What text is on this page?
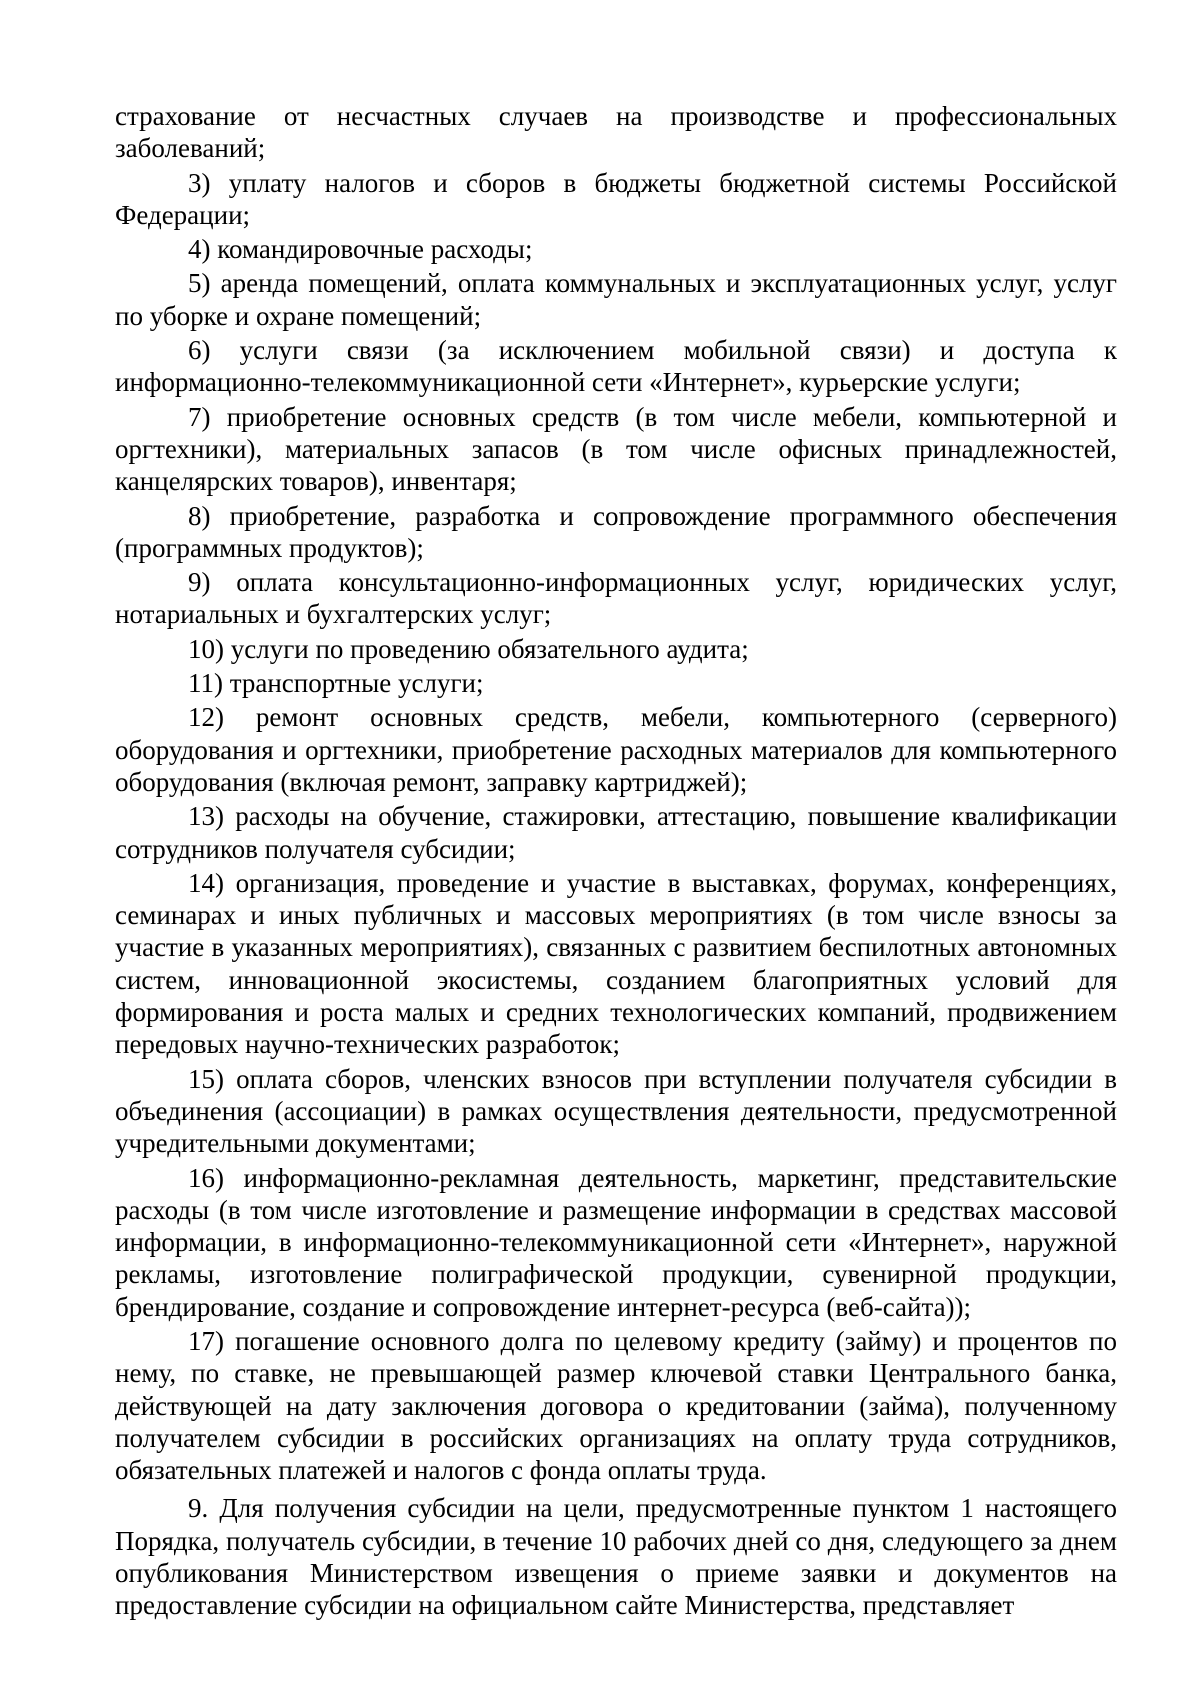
страхование от несчастных случаев на производстве и профессиональных заболеваний;

3) уплату налогов и сборов в бюджеты бюджетной системы Российской Федерации;

4) командировочные расходы;

5) аренда помещений, оплата коммунальных и эксплуатационных услуг, услуг по уборке и охране помещений;

6) услуги связи (за исключением мобильной связи) и доступа к информационно-телекоммуникационной сети «Интернет», курьерские услуги;

7) приобретение основных средств (в том числе мебели, компьютерной и оргтехники), материальных запасов (в том числе офисных принадлежностей, канцелярских товаров), инвентаря;

8) приобретение, разработка и сопровождение программного обеспечения (программных продуктов);

9) оплата консультационно-информационных услуг, юридических услуг, нотариальных и бухгалтерских услуг;

10) услуги по проведению обязательного аудита;

11) транспортные услуги;

12) ремонт основных средств, мебели, компьютерного (серверного) оборудования и оргтехники, приобретение расходных материалов для компьютерного оборудования (включая ремонт, заправку картриджей);

13) расходы на обучение, стажировки, аттестацию, повышение квалификации сотрудников получателя субсидии;

14) организация, проведение и участие в выставках, форумах, конференциях, семинарах и иных публичных и массовых мероприятиях (в том числе взносы за участие в указанных мероприятиях), связанных с развитием беспилотных автономных систем, инновационной экосистемы, созданием благоприятных условий для формирования и роста малых и средних технологических компаний, продвижением передовых научно-технических разработок;

15) оплата сборов, членских взносов при вступлении получателя субсидии в объединения (ассоциации) в рамках осуществления деятельности, предусмотренной учредительными документами;

16) информационно-рекламная деятельность, маркетинг, представительские расходы (в том числе изготовление и размещение информации в средствах массовой информации, в информационно-телекоммуникационной сети «Интернет», наружной рекламы, изготовление полиграфической продукции, сувенирной продукции, брендирование, создание и сопровождение интернет-ресурса (веб-сайта));

17) погашение основного долга по целевому кредиту (займу) и процентов по нему, по ставке, не превышающей размер ключевой ставки Центрального банка, действующей на дату заключения договора о кредитовании (займа), полученному получателем субсидии в российских организациях на оплату труда сотрудников, обязательных платежей и налогов с фонда оплаты труда.

9. Для получения субсидии на цели, предусмотренные пунктом 1 настоящего Порядка, получатель субсидии, в течение 10 рабочих дней со дня, следующего за днем опубликования Министерством извещения о приеме заявки и документов на предоставление субсидии на официальном сайте Министерства, представляет
